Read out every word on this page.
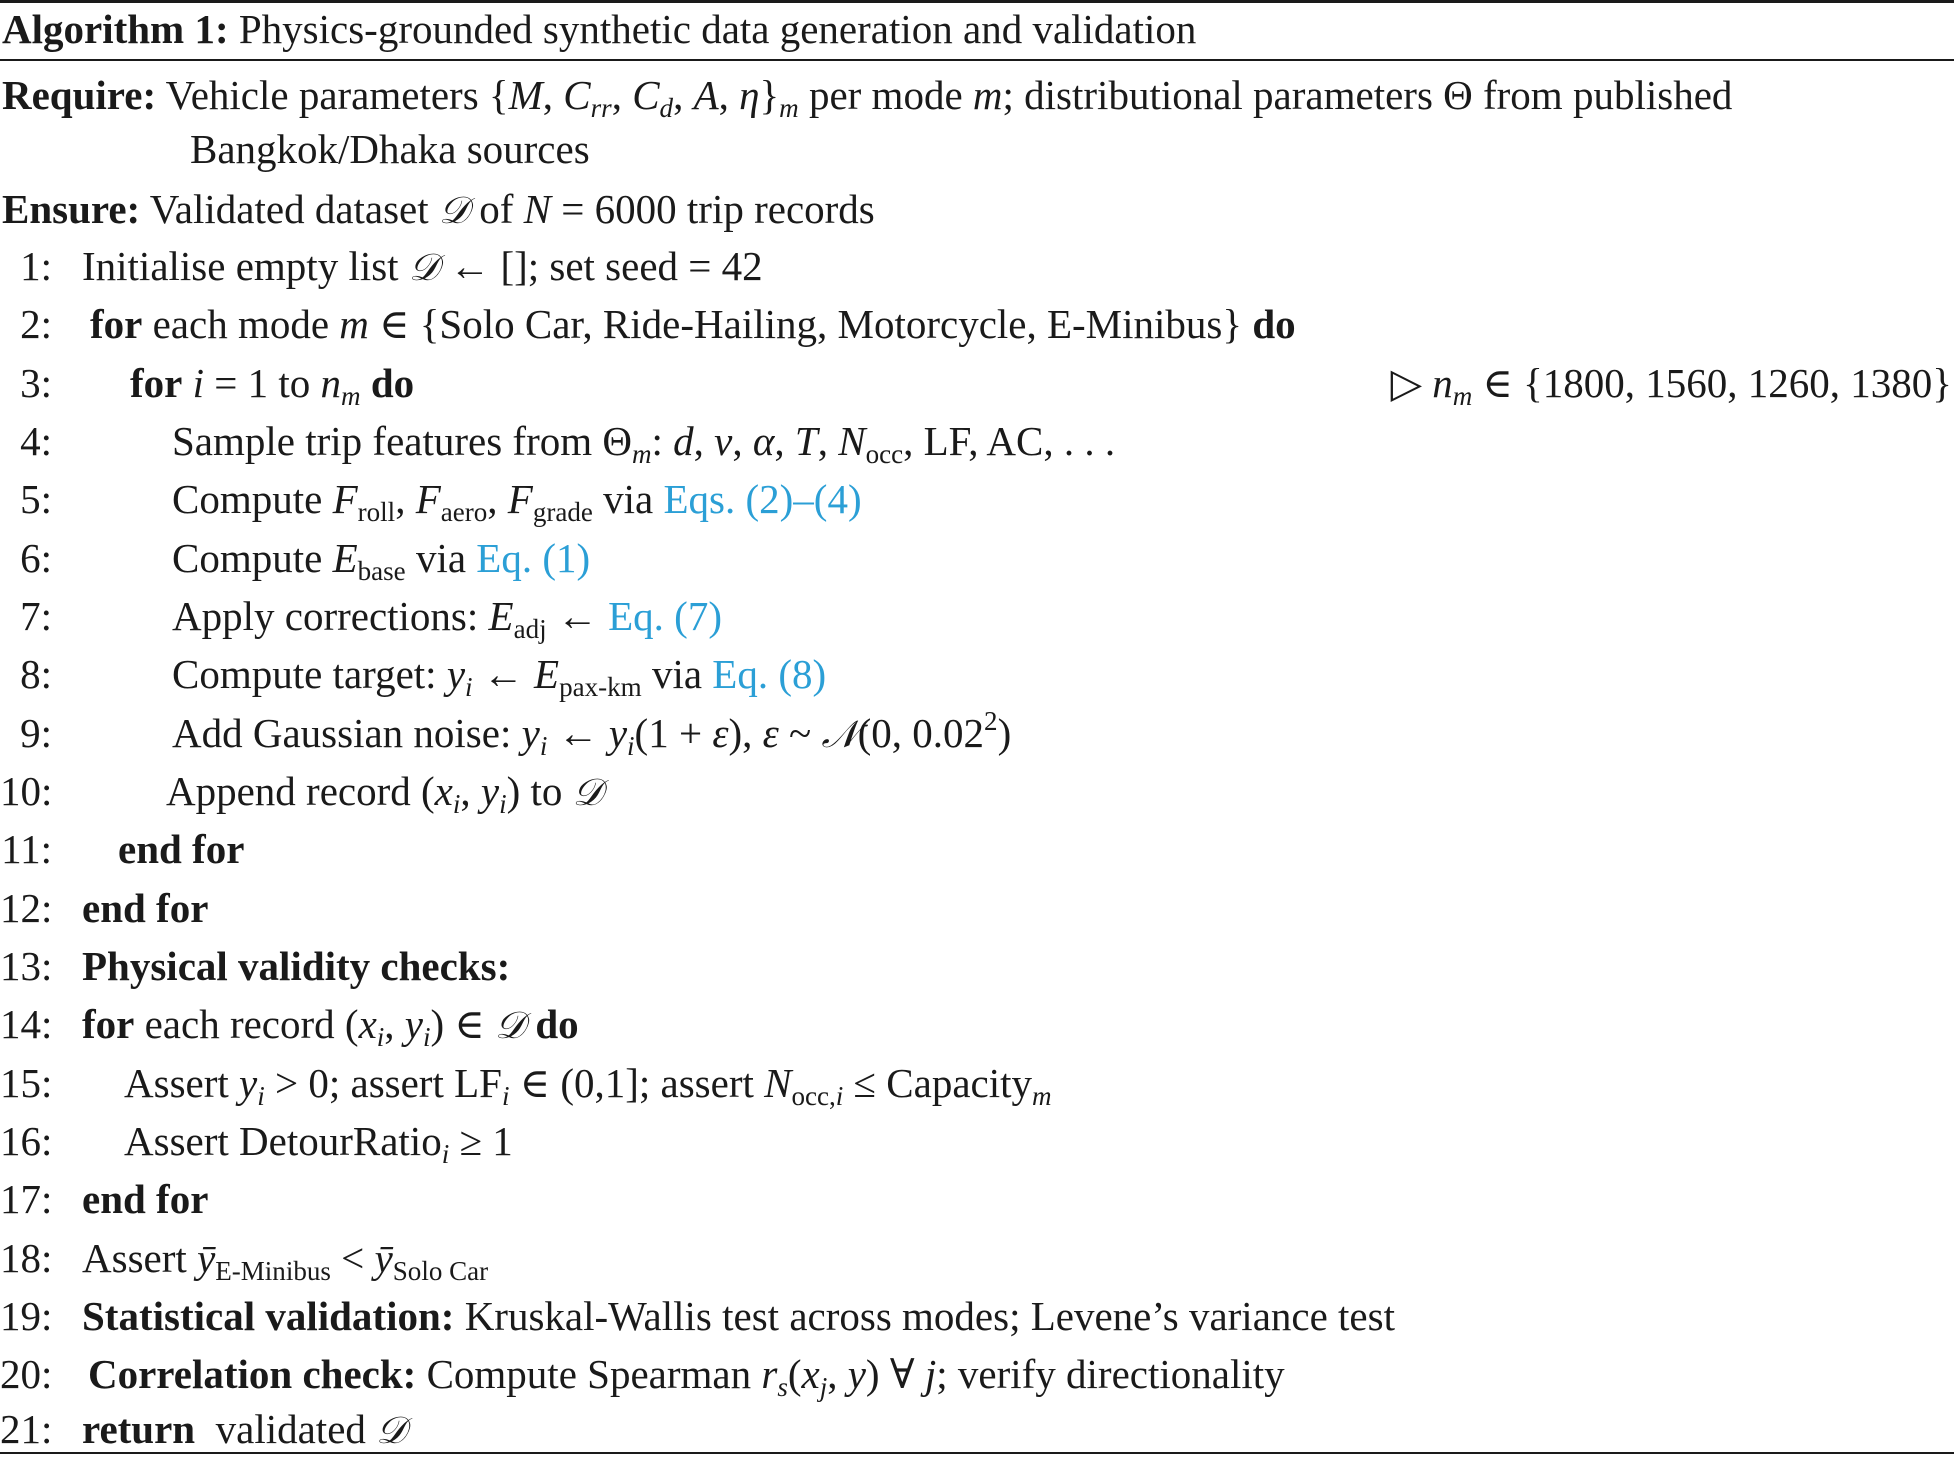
Algorithm 1: Physics-grounded synthetic data generation and validation
Require: Vehicle parameters {M, $C_{rr}$, $C_d$, A, $\eta\}_m$ per mode m; distributional parameters Θ from published
Bangkok/Dhaka sources
Ensure: Validated dataset 𝒟 of N = 6000 trip records
1: Initialise empty list 𝒟 ← []; set seed = 42
2: for each mode m ∈ {Solo Car, Ride-Hailing, Motorcycle, E-Minibus} do
3: for i = 1 to $n_m$ do	▷ $n_m$ ∈ {1800, 1560, 1260, 1380}
4:	Sample trip features from $\Theta_m$: d, v, α, T, $N_{occ}$, LF, AC, . . .
5:	Compute $F_{roll}$, $F_{aero}$, $F_{grade}$ via Eqs. (2)–(4)
6:	Compute $E_{base}$ via Eq. (1)
7:	Apply corrections: $E_{adj}$ ← Eq. (7)
8:	Compute target: $y_i$ ← $E_{pax-km}$ via Eq. (8)
9:	Add Gaussian noise: $y_i$ ← $y_i(1 + \varepsilon)$, ε ~ 𝒩(0, 0.02$^2$)
10:	Append record ($x_i$, $y_i$) to 𝒟
11: end for
12: end for
13: Physical validity checks:
14: for each record ($x_i$, $y_i$) ∈ 𝒟 do
15: Assert $y_i > 0$; assert $LF_i$ ∈ (0,1]; assert $N_{occ,i}$ ≤ Capacity$_m$
16: Assert DetourRatio$_i$ ≥ 1
17: end for
18: Assert $ȳ_{E-Minibus}$ < $ȳ_{Solo Car}$
19: Statistical validation: Kruskal-Wallis test across modes; Levene’s variance test
20: Correlation check: Compute Spearman $r_s(x_j$, y) ∀ j; verify directionality
21: return  validated 𝒟
